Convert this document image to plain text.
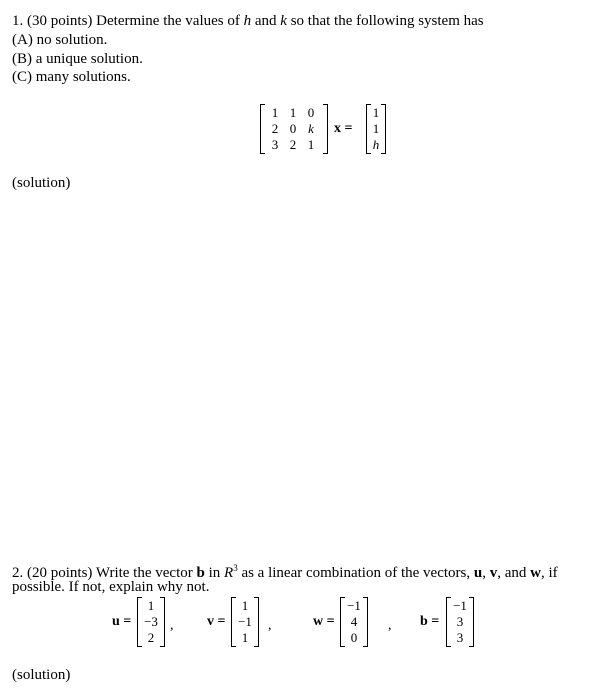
1. (30 points) Determine the values of h and k so that the following system has
(A) no solution.
(B) a unique solution.
(C) many solutions.
1 1 0
2 0 k
3 2 1
x =
1
1
h
(solution)
2. (20 points) Write the vector b in $R^3$ as a linear combination of the vectors, u, v, and w, if
possible. If not, explain why not.
u =
1
−3
2
, v =
1
−1
1
,	w =
−1
4
0
, b =
−1
3
3
(solution)
